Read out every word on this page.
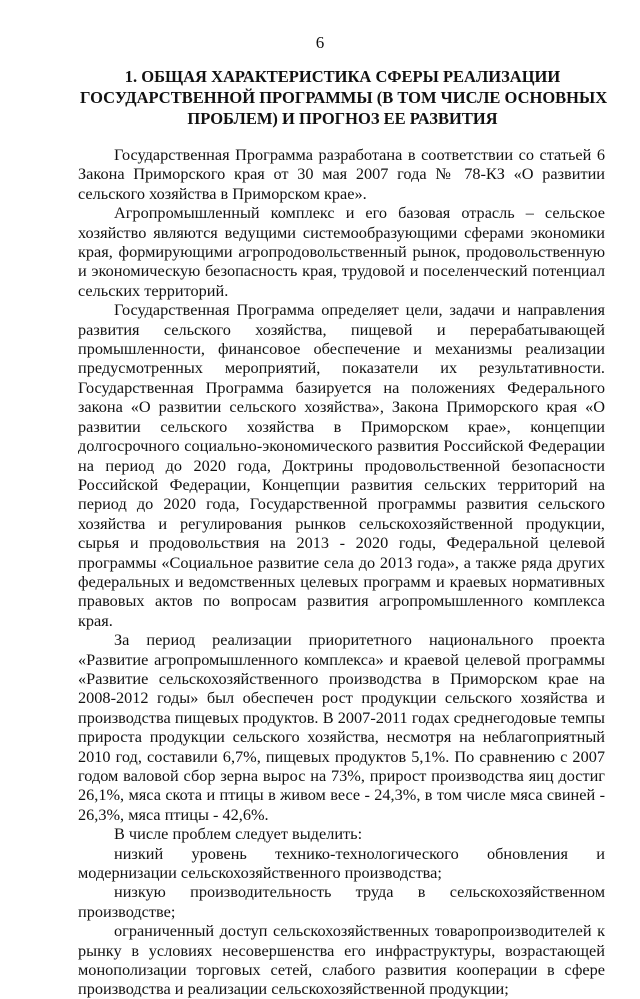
6
1. ОБЩАЯ ХАРАКТЕРИСТИКА СФЕРЫ РЕАЛИЗАЦИИ
ГОСУДАРСТВЕННОЙ ПРОГРАММЫ (В ТОМ ЧИСЛЕ ОСНОВНЫХ
ПРОБЛЕМ) И ПРОГНОЗ ЕЕ РАЗВИТИЯ

Государственная Программа разработана в соответствии со статьей 6 Закона Приморского края от 30 мая 2007 года № 78-КЗ «О развитии сельского хозяйства в Приморском крае».

Агропромышленный комплекс и его базовая отрасль – сельское хозяйство являются ведущими системообразующими сферами экономики края, формирующими агропродовольственный рынок, продовольственную и экономическую безопасность края, трудовой и поселенческий потенциал сельских территорий.

Государственная Программа определяет цели, задачи и направления развития сельского хозяйства, пищевой и перерабатывающей промышленности, финансовое обеспечение и механизмы реализации предусмотренных мероприятий, показатели их результативности. Государственная Программа базируется на положениях Федерального закона «О развитии сельского хозяйства», Закона Приморского края «О развитии сельского хозяйства в Приморском крае», концепции долгосрочного социально-экономического развития Российской Федерации на период до 2020 года, Доктрины продовольственной безопасности Российской Федерации, Концепции развития сельских территорий на период до 2020 года, Государственной программы развития сельского хозяйства и регулирования рынков сельскохозяйственной продукции, сырья и продовольствия на 2013 - 2020 годы, Федеральной целевой программы «Социальное развитие села до 2013 года», а также ряда других федеральных и ведомственных целевых программ и краевых нормативных правовых актов по вопросам развития агропромышленного комплекса края.

За период реализации приоритетного национального проекта «Развитие агропромышленного комплекса» и краевой целевой программы «Развитие сельскохозяйственного производства в Приморском крае на 2008-2012 годы» был обеспечен рост продукции сельского хозяйства и производства пищевых продуктов. В 2007-2011 годах среднегодовые темпы прироста продукции сельского хозяйства, несмотря на неблагоприятный 2010 год, составили 6,7%, пищевых продуктов 5,1%. По сравнению с 2007 годом валовой сбор зерна вырос на 73%, прирост производства яиц достиг 26,1%, мяса скота и птицы в живом весе - 24,3%, в том числе мяса свиней - 26,3%, мяса птицы - 42,6%.

В числе проблем следует выделить:

низкий уровень технико-технологического обновления и модернизации сельскохозяйственного производства;

низкую производительность труда в сельскохозяйственном производстве;

ограниченный доступ сельскохозяйственных товаропроизводителей к рынку в условиях несовершенства его инфраструктуры, возрастающей монополизации торговых сетей, слабого развития кооперации в сфере производства и реализации сельскохозяйственной продукции;
